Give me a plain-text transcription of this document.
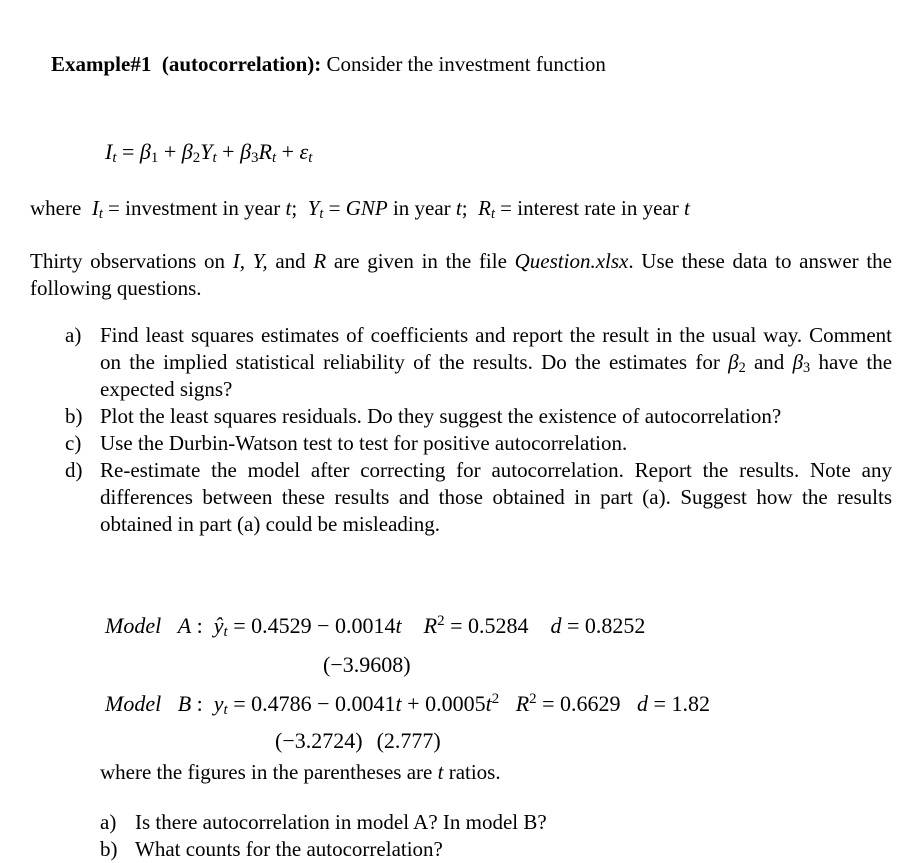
Example#1  (autocorrelation): Consider the investment function

$I_t = \beta_1 + \beta_2Y_t + \beta_3R_t + \varepsilon_t$
where  $I_t$ = investment in year t;  $Y_t$ = GNP in year t;  $R_t$ = interest rate in year t
Thirty observations on I, Y, and R are given in the file Question.xlsx. Use these data to answer the following questions.
a) Find least squares estimates of coefficients and report the result in the usual way. Comment on the implied statistical reliability of the results. Do the estimates for $\beta_2$ and $\beta_3$ have the expected signs?
b) Plot the least squares residuals. Do they suggest the existence of autocorrelation?
c) Use the Durbin-Watson test to test for positive autocorrelation.
d) Re-estimate the model after correcting for autocorrelation. Report the results. Note any differences between these results and those obtained in part (a). Suggest how the results obtained in part (a) could be misleading.
Model A :  $ŷ_t = 0.4529 - 0.0014t$ $R^2 = 0.5284$ d = 0.8252
(−3.9608)
Model B :  $y_t = 0.4786 - 0.0041t + 0.0005t^2$ $R^2 = 0.6629$ d = 1.82
(−3.2724) (2.777)
where the figures in the parentheses are t ratios.
a) Is there autocorrelation in model A? In model B?
b) What counts for the autocorrelation?
